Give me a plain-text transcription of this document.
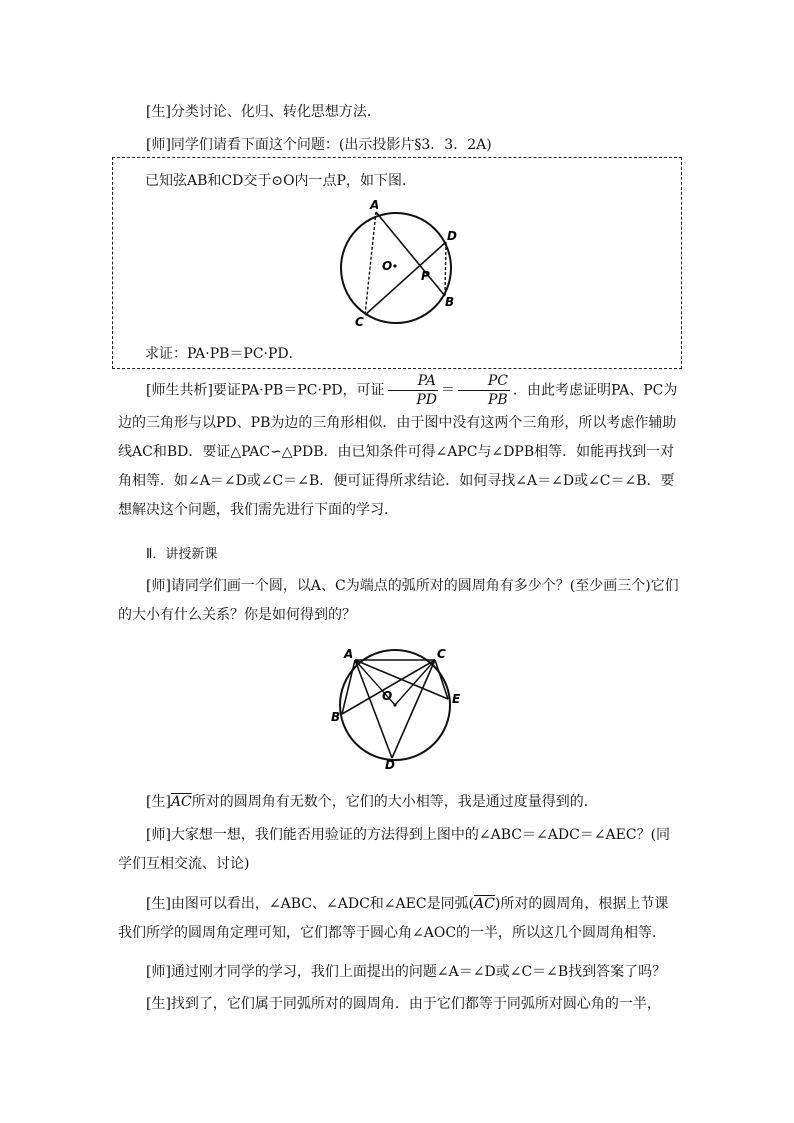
[生]分类讨论、化归、转化思想方法．
[师]同学们请看下面这个问题：(出示投影片§3．3．2A)
已知弦AB和CD交于⊙O内一点P，如下图．
A
B
C
D
O
P
求证：PA·PB＝PC·PD．
[师生共析]要证PA·PB＝PC·PD，可证 $\frac{PA}{PD} = \frac{PC}{PB}$ ．由此考虑证明PA、PC为边的三角形与以PD、PB为边的三角形相似．由于图中没有这两个三角形，所以考虑作辅助线AC和BD．要证△PAC∽△PDB．由已知条件可得∠APC与∠DPB相等．如能再找到一对角相等．如∠A＝∠D或∠C＝∠B．便可证得所求结论．如何寻找∠A＝∠D或∠C＝∠B．要想解决这个问题，我们需先进行下面的学习．
Ⅱ．讲授新课
[师]请同学们画一个圆，以A、C为端点的弧所对的圆周角有多少个？(至少画三个)它们的大小有什么关系？你是如何得到的？
A
B
C
D
E
O
[生]$\overline{AC}$所对的圆周角有无数个，它们的大小相等，我是通过度量得到的．
[师]大家想一想，我们能否用验证的方法得到上图中的∠ABC＝∠ADC＝∠AEC？(同学们互相交流、讨论)
[生]由图可以看出，∠ABC、∠ADC和∠AEC是同弧$(\overline{AC})$所对的圆周角，根据上节课我们所学的圆周角定理可知，它们都等于圆心角∠AOC的一半，所以这几个圆周角相等．
[师]通过刚才同学的学习，我们上面提出的问题∠A＝∠D或∠C＝∠B找到答案了吗？
[生]找到了，它们属于同弧所对的圆周角．由于它们都等于同弧所对圆心角的一半，
